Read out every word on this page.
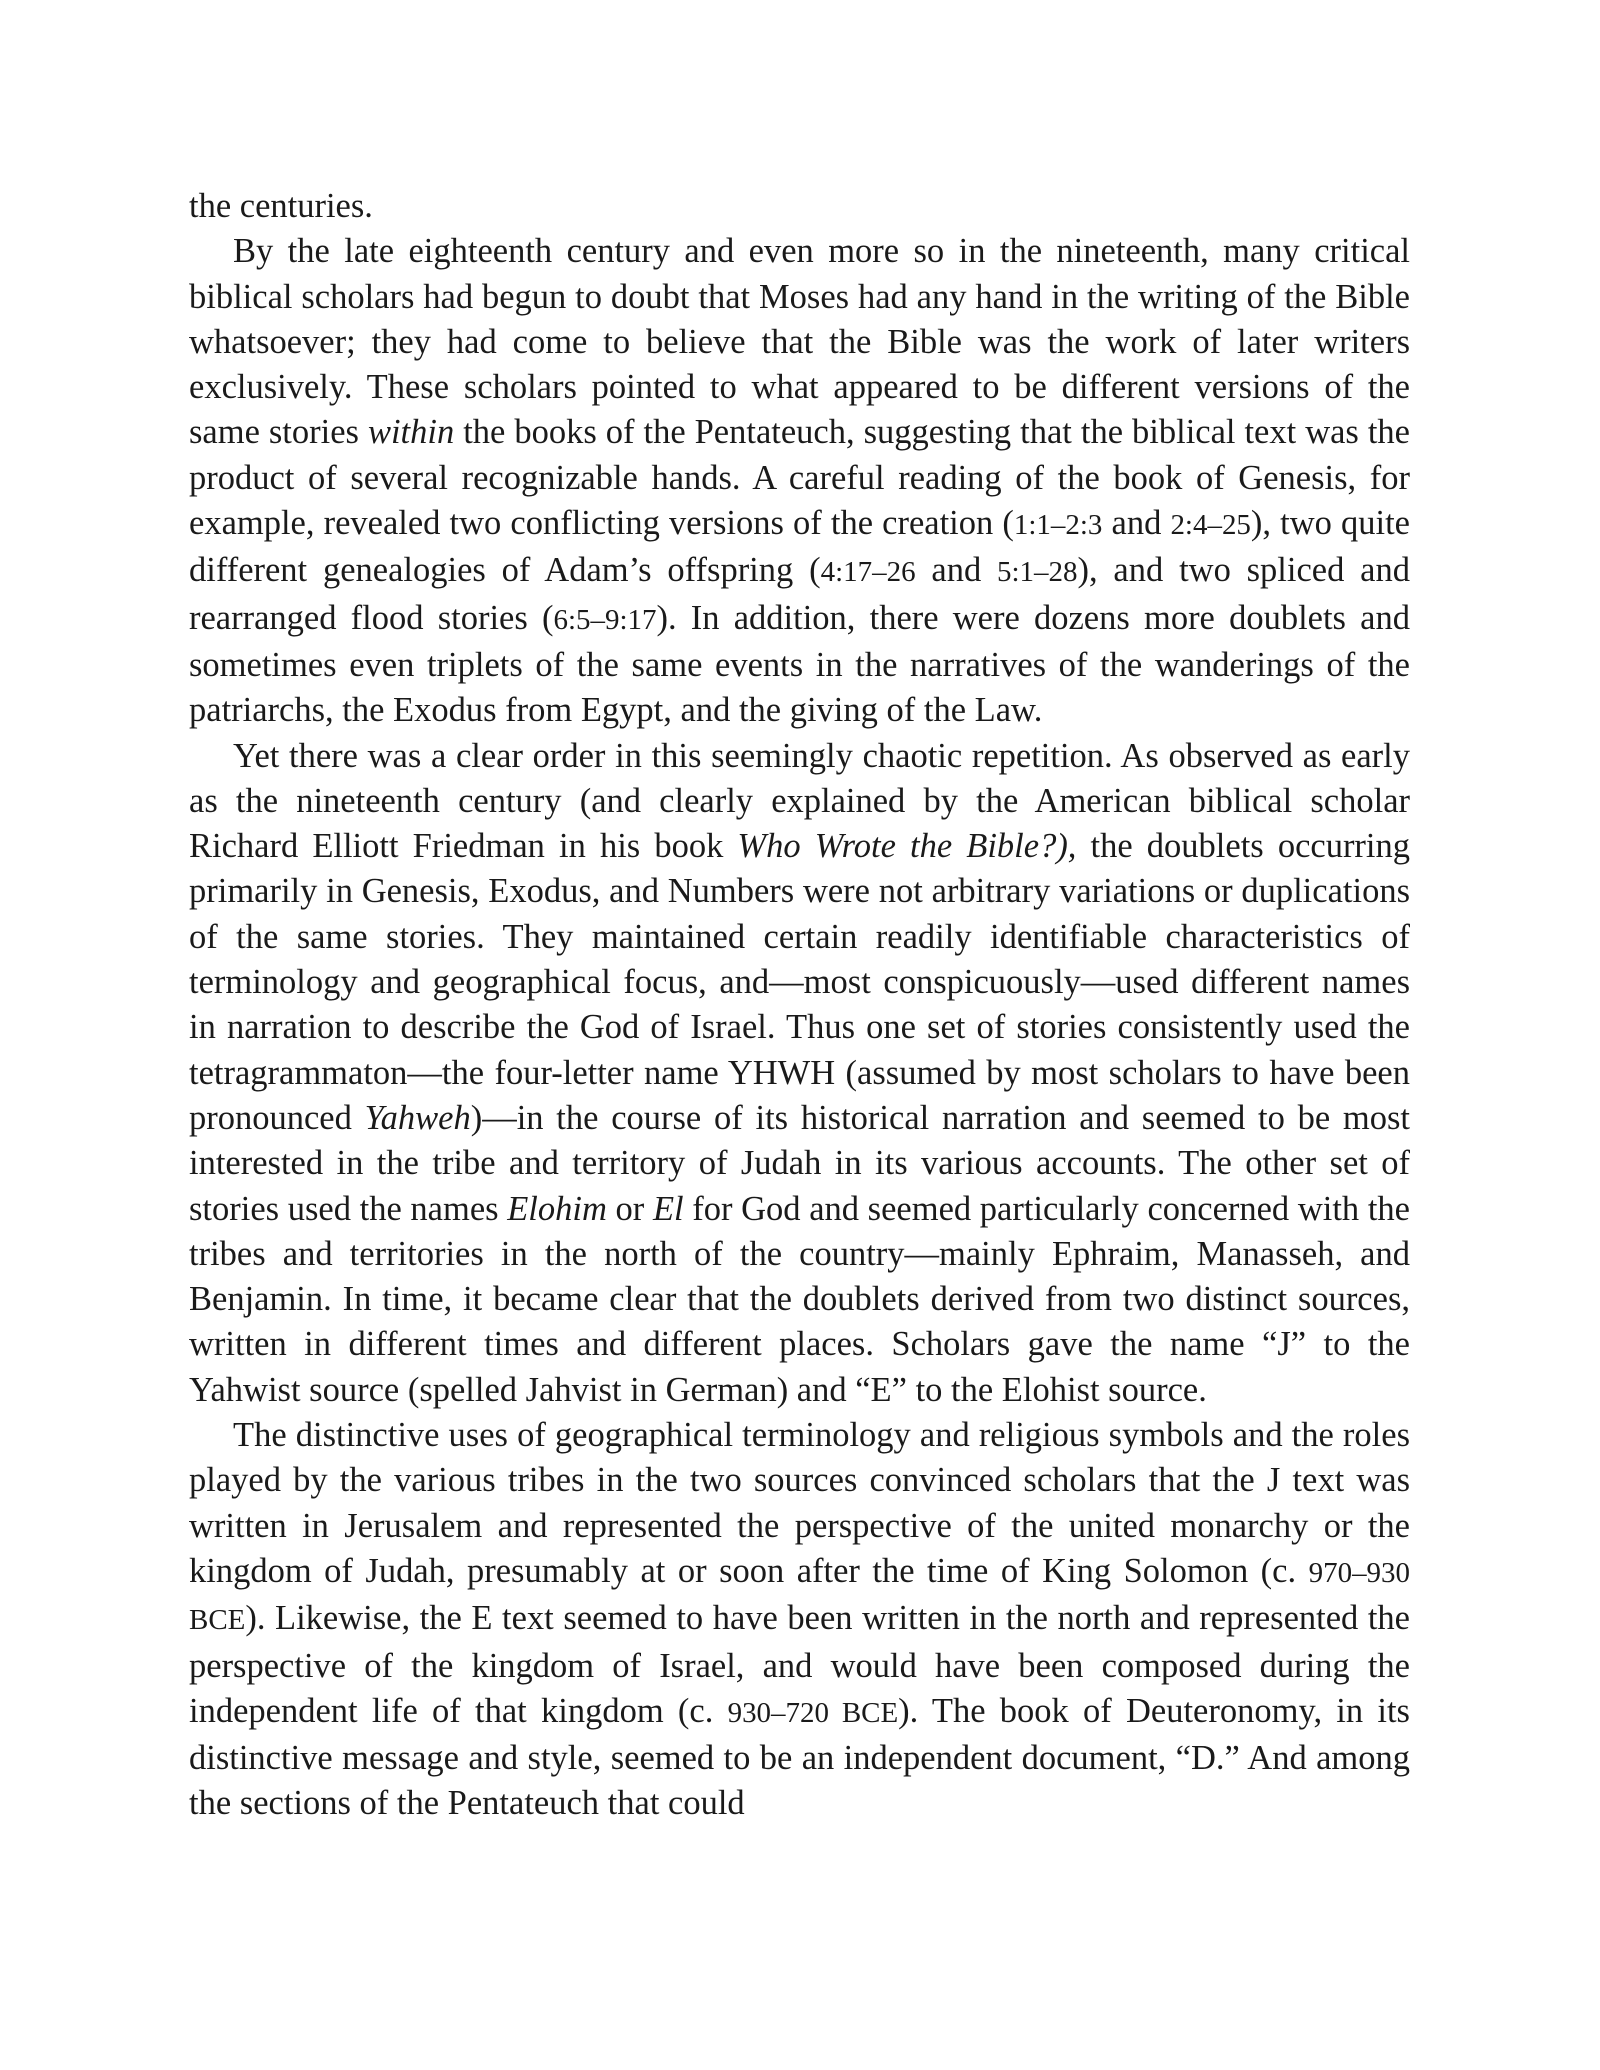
the centuries.

By the late eighteenth century and even more so in the nineteenth, many critical biblical scholars had begun to doubt that Moses had any hand in the writing of the Bible whatsoever; they had come to believe that the Bible was the work of later writers exclusively. These scholars pointed to what appeared to be different versions of the same stories within the books of the Pentateuch, suggesting that the biblical text was the product of several recognizable hands. A careful reading of the book of Genesis, for example, revealed two conflicting versions of the creation (1:1–2:3 and 2:4–25), two quite different genealogies of Adam’s offspring (4:17–26 and 5:1–28), and two spliced and rearranged flood stories (6:5–9:17). In addition, there were dozens more doublets and sometimes even triplets of the same events in the narratives of the wanderings of the patriarchs, the Exodus from Egypt, and the giving of the Law.

Yet there was a clear order in this seemingly chaotic repetition. As observed as early as the nineteenth century (and clearly explained by the American biblical scholar Richard Elliott Friedman in his book Who Wrote the Bible?), the doublets occurring primarily in Genesis, Exodus, and Numbers were not arbitrary variations or duplications of the same stories. They maintained certain readily identifiable characteristics of terminology and geographical focus, and—most conspicuously—used different names in narration to describe the God of Israel. Thus one set of stories consistently used the tetragrammaton—the four-letter name YHWH (assumed by most scholars to have been pronounced Yahweh)—in the course of its historical narration and seemed to be most interested in the tribe and territory of Judah in its various accounts. The other set of stories used the names Elohim or El for God and seemed particularly concerned with the tribes and territories in the north of the country—mainly Ephraim, Manasseh, and Benjamin. In time, it became clear that the doublets derived from two distinct sources, written in different times and different places. Scholars gave the name “J” to the Yahwist source (spelled Jahvist in German) and “E” to the Elohist source.

The distinctive uses of geographical terminology and religious symbols and the roles played by the various tribes in the two sources convinced scholars that the J text was written in Jerusalem and represented the perspective of the united monarchy or the kingdom of Judah, presumably at or soon after the time of King Solomon (c. 970–930 BCE). Likewise, the E text seemed to have been written in the north and represented the perspective of the kingdom of Israel, and would have been composed during the independent life of that kingdom (c. 930–720 BCE). The book of Deuteronomy, in its distinctive message and style, seemed to be an independent document, “D.” And among the sections of the Pentateuch that could
